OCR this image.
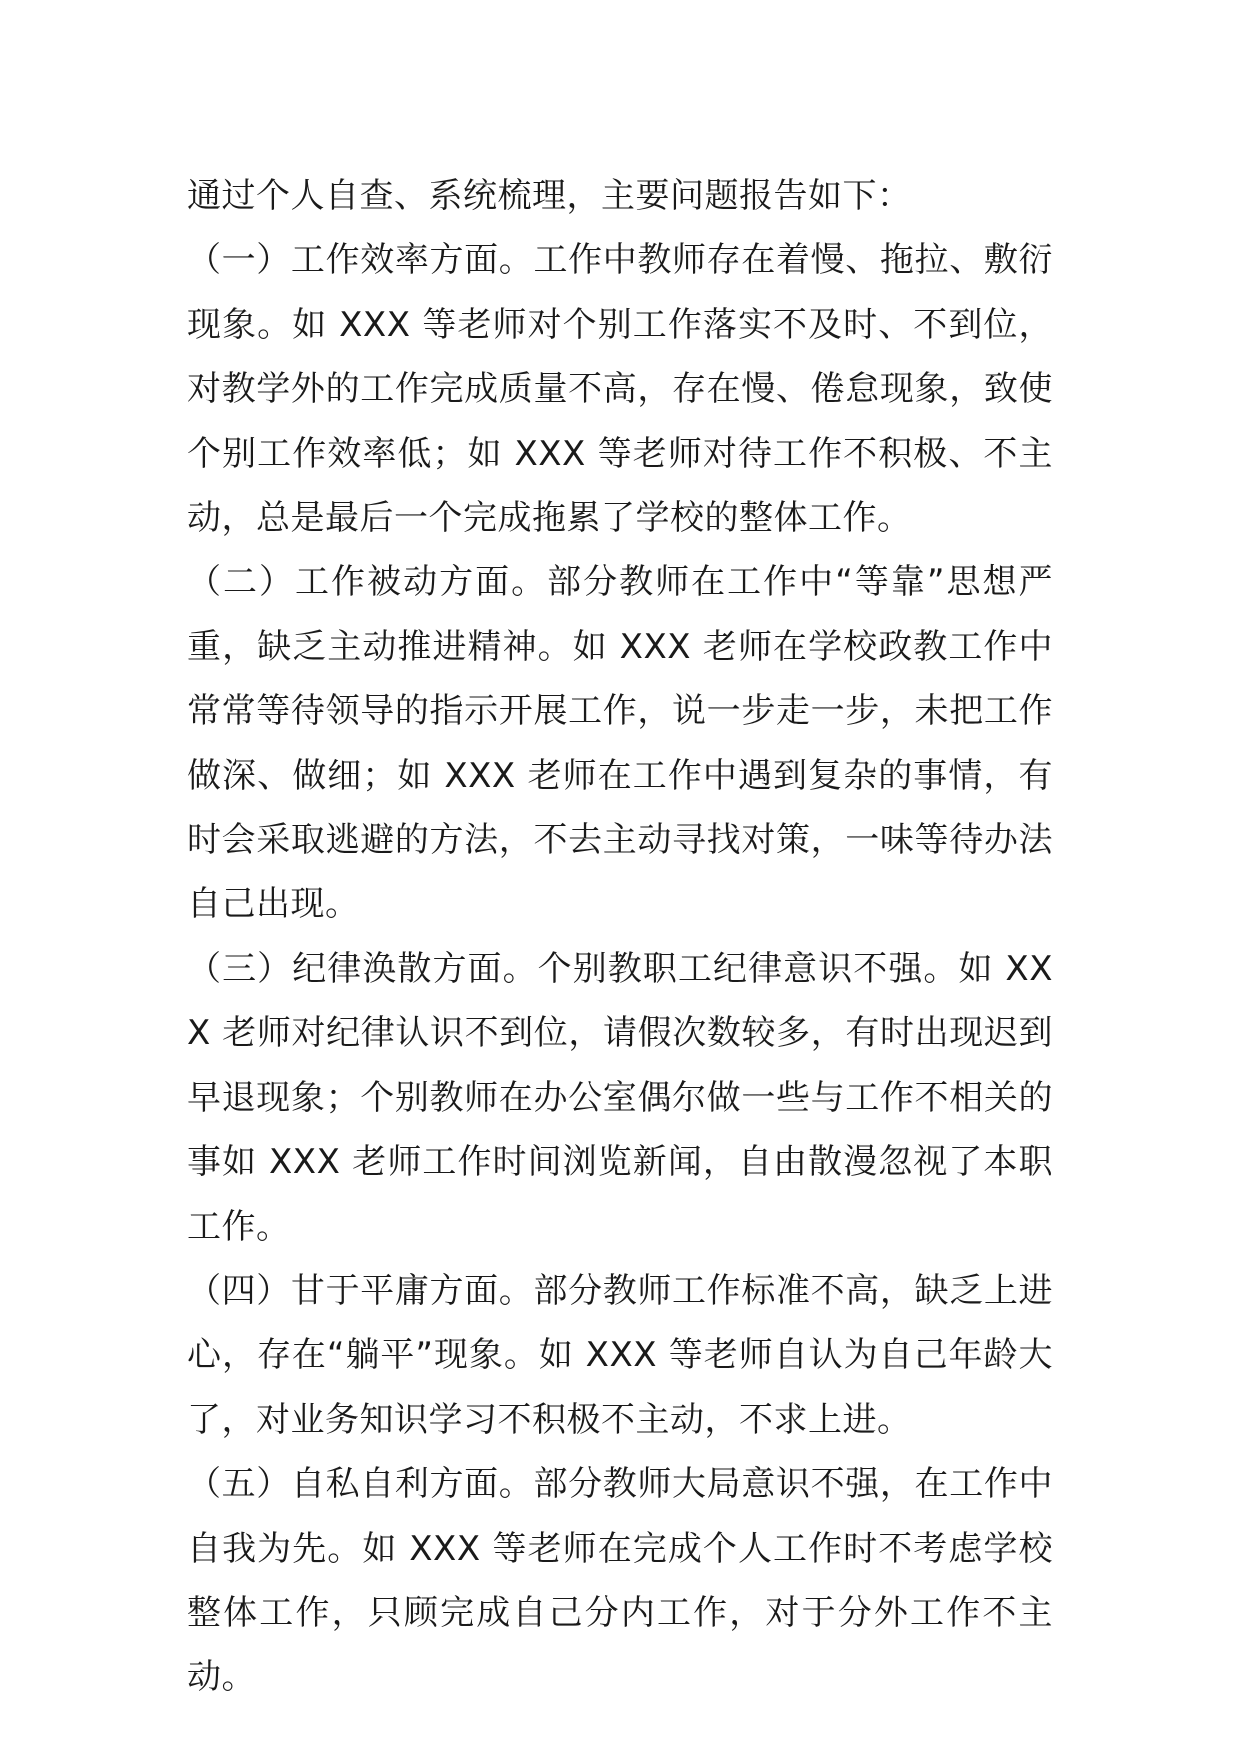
通过个人自查、系统梳理，主要问题报告如下：

（一）工作效率方面。工作中教师存在着慢、拖拉、敷衍现象。如 XXX 等老师对个别工作落实不及时、不到位，对教学外的工作完成质量不高，存在慢、倦怠现象，致使个别工作效率低；如 XXX 等老师对待工作不积极、不主动，总是最后一个完成拖累了学校的整体工作。

（二）工作被动方面。部分教师在工作中“等靠”思想严重，缺乏主动推进精神。如 XXX 老师在学校政教工作中常常等待领导的指示开展工作，说一步走一步，未把工作做深、做细；如 XXX 老师在工作中遇到复杂的事情，有时会采取逃避的方法，不去主动寻找对策，一味等待办法自己出现。

（三）纪律涣散方面。个别教职工纪律意识不强。如 XXX 老师对纪律认识不到位，请假次数较多，有时出现迟到早退现象；个别教师在办公室偶尔做一些与工作不相关的事如 XXX 老师工作时间浏览新闻，自由散漫忽视了本职工作。

（四）甘于平庸方面。部分教师工作标准不高，缺乏上进心，存在“躺平”现象。如 XXX 等老师自认为自己年龄大了，对业务知识学习不积极不主动，不求上进。

（五）自私自利方面。部分教师大局意识不强，在工作中自我为先。如 XXX 等老师在完成个人工作时不考虑学校整体工作，只顾完成自己分内工作，对于分外工作不主动。
